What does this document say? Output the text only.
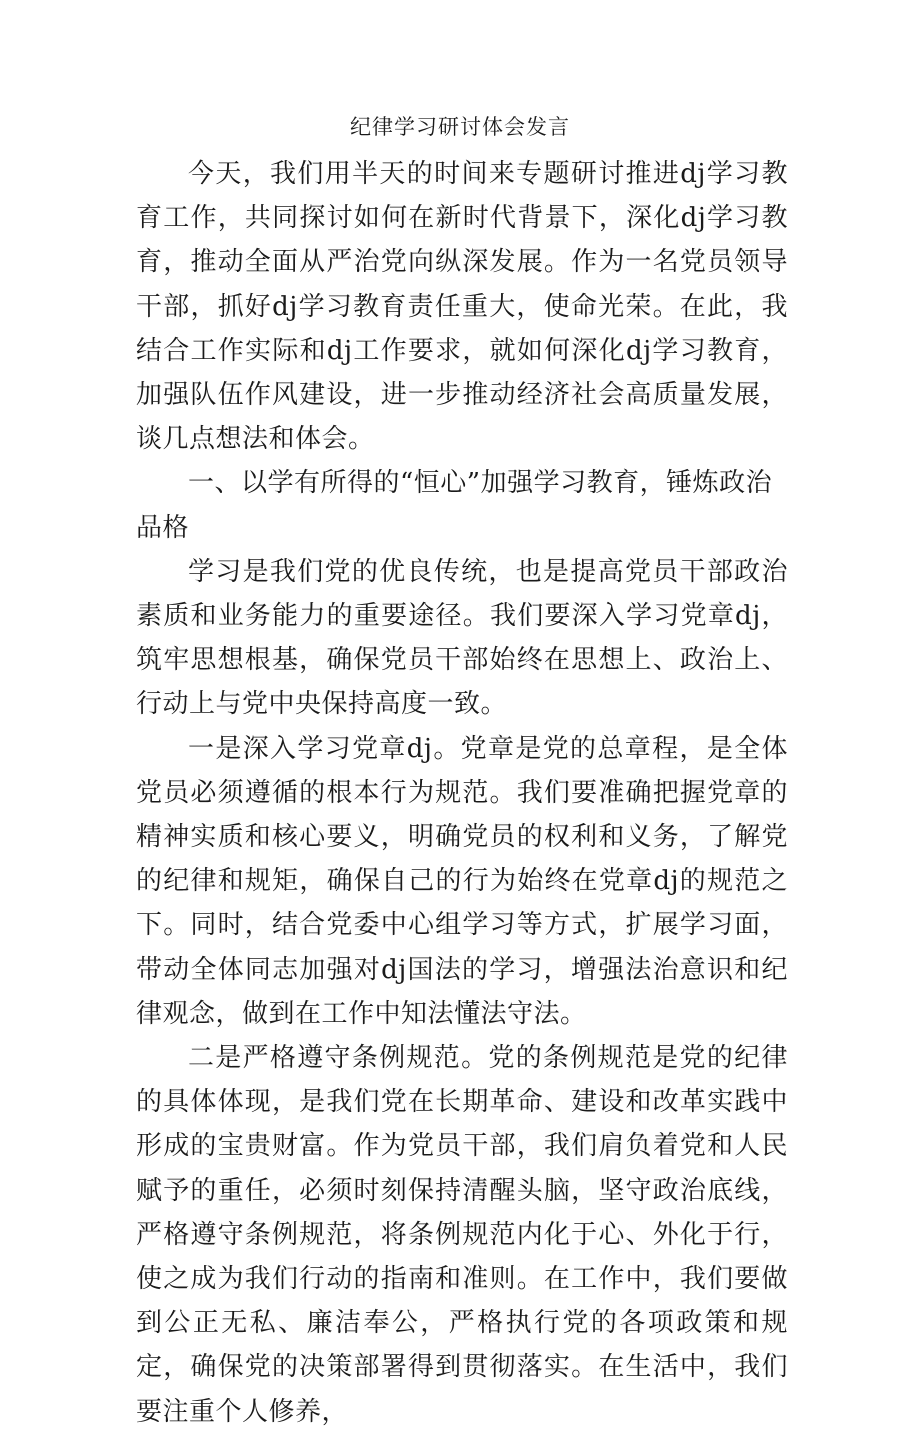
纪律学习研讨体会发言

今天，我们用半天的时间来专题研讨推进dj学习教育工作，共同探讨如何在新时代背景下，深化dj学习教育，推动全面从严治党向纵深发展。作为一名党员领导干部，抓好dj学习教育责任重大，使命光荣。在此，我结合工作实际和dj工作要求，就如何深化dj学习教育，加强队伍作风建设，进一步推动经济社会高质量发展，谈几点想法和体会。

一、以学有所得的“恒心”加强学习教育，锤炼政治品格

学习是我们党的优良传统，也是提高党员干部政治素质和业务能力的重要途径。我们要深入学习党章dj，筑牢思想根基，确保党员干部始终在思想上、政治上、行动上与党中央保持高度一致。

一是深入学习党章dj。党章是党的总章程，是全体党员必须遵循的根本行为规范。我们要准确把握党章的精神实质和核心要义，明确党员的权利和义务，了解党的纪律和规矩，确保自己的行为始终在党章dj的规范之下。同时，结合党委中心组学习等方式，扩展学习面，带动全体同志加强对dj国法的学习，增强法治意识和纪律观念，做到在工作中知法懂法守法。

二是严格遵守条例规范。党的条例规范是党的纪律的具体体现，是我们党在长期革命、建设和改革实践中形成的宝贵财富。作为党员干部，我们肩负着党和人民赋予的重任，必须时刻保持清醒头脑，坚守政治底线，严格遵守条例规范，将条例规范内化于心、外化于行，使之成为我们行动的指南和准则。在工作中，我们要做到公正无私、廉洁奉公，严格执行党的各项政策和规定，确保党的决策部署得到贯彻落实。在生活中，我们要注重个人修养，
